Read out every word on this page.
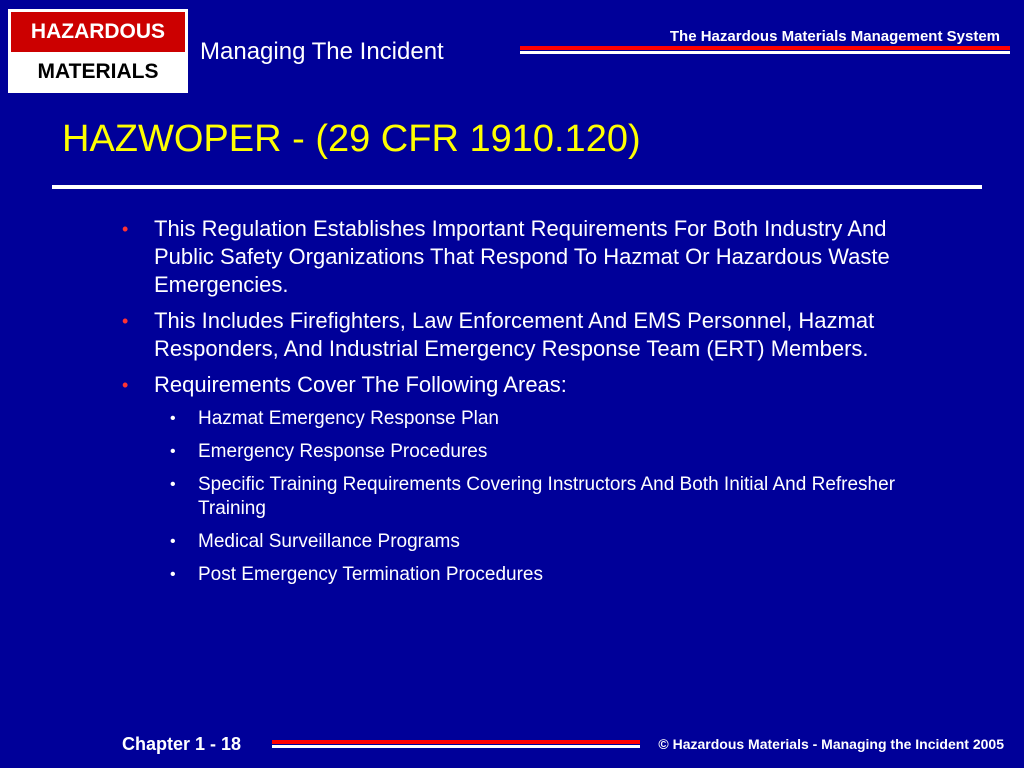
HAZARDOUS
MATERIALS
Managing The Incident
The Hazardous Materials Management System
HAZWOPER - (29 CFR 1910.120)
• This Regulation Establishes Important Requirements For Both Industry And Public Safety Organizations That Respond To Hazmat Or Hazardous Waste Emergencies.
• This Includes Firefighters, Law Enforcement And EMS Personnel, Hazmat Responders, And Industrial Emergency Response Team (ERT) Members.
• Requirements Cover The Following Areas:
• Hazmat Emergency Response Plan
• Emergency Response Procedures
• Specific Training Requirements Covering Instructors And Both Initial And Refresher Training
• Medical Surveillance Programs
• Post Emergency Termination Procedures
Chapter 1 - 18	© Hazardous Materials - Managing the Incident 2005
